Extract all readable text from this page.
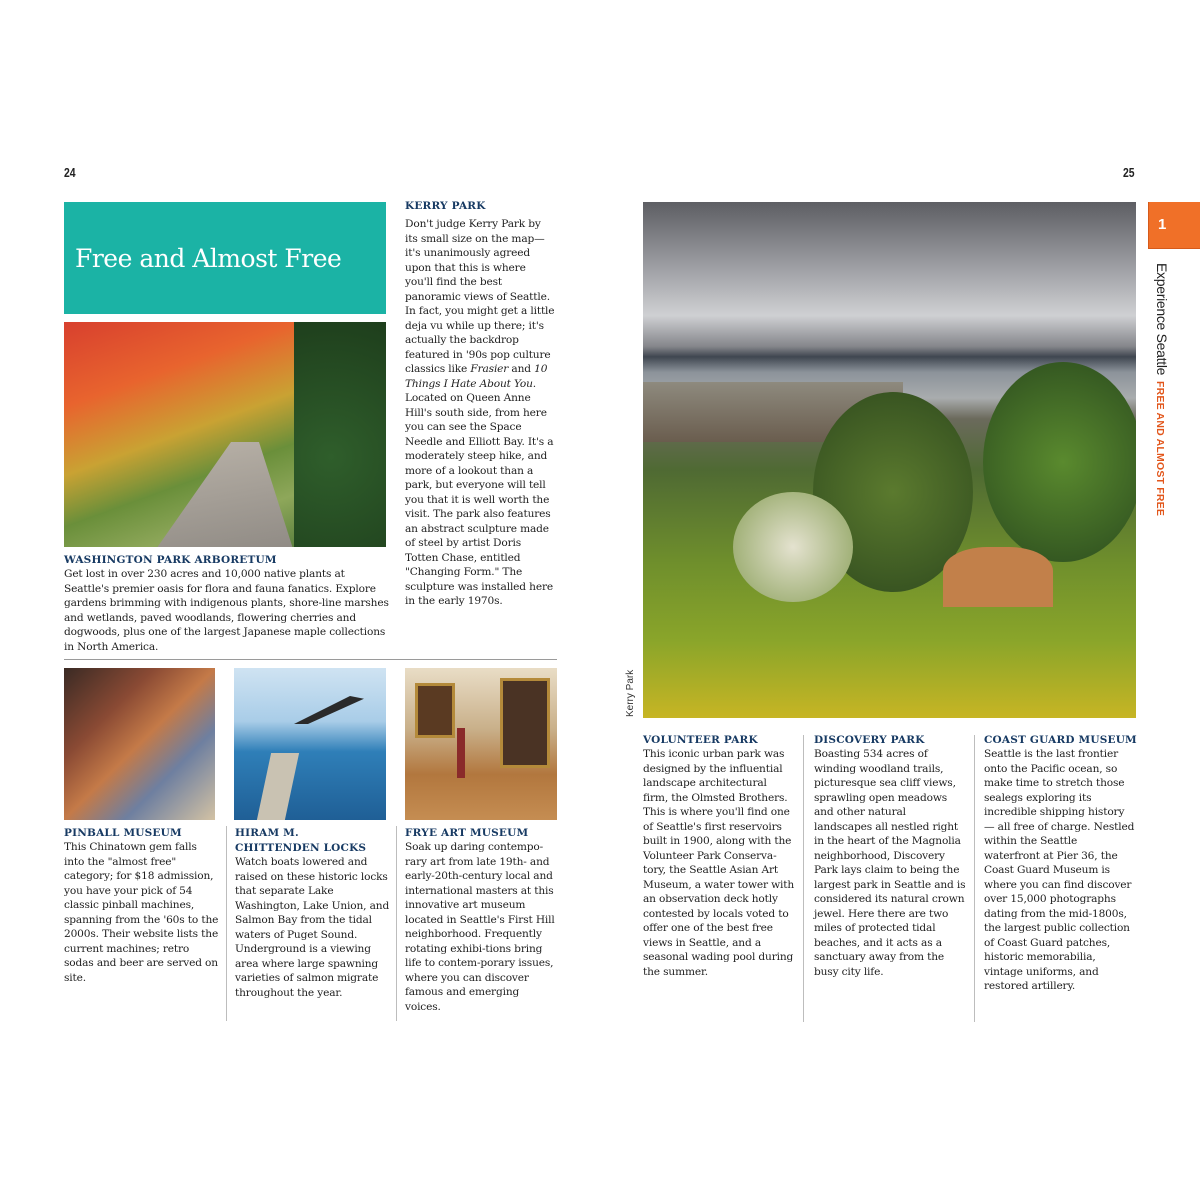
24
Free and Almost Free
WASHINGTON PARK ARBORETUM
Get lost in over 230 acres and 10,000 native plants at Seattle's premier oasis for flora and fauna fanatics. Explore gardens brimming with indigenous plants, shore-line marshes and wetlands, paved woodlands, flowering cherries and dogwoods, plus one of the largest Japanese maple collections in North America.
KERRY PARK
Don't judge Kerry Park by its small size on the map—it's unanimously agreed upon that this is where you'll find the best panoramic views of Seattle. In fact, you might get a little deja vu while up there; it's actually the backdrop featured in '90s pop culture classics like Frasier and 10 Things I Hate About You. Located on Queen Anne Hill's south side, from here you can see the Space Needle and Elliott Bay. It's a moderately steep hike, and more of a lookout than a park, but everyone will tell you that it is well worth the visit. The park also features an abstract sculpture made of steel by artist Doris Totten Chase, entitled "Changing Form." The sculpture was installed here in the early 1970s.
PINBALL MUSEUM
This Chinatown gem falls into the "almost free" category; for $18 admission, you have your pick of 54 classic pinball machines, spanning from the '60s to the 2000s. Their website lists the current machines; retro sodas and beer are served on site.
HIRAM M. CHITTENDEN LOCKS
Watch boats lowered and raised on these historic locks that separate Lake Washington, Lake Union, and Salmon Bay from the tidal waters of Puget Sound. Underground is a viewing area where large spawning varieties of salmon migrate throughout the year.
FRYE ART MUSEUM
Soak up daring contempo-rary art from late 19th- and early-20th-century local and international masters at this innovative art museum located in Seattle's First Hill neighborhood. Frequently rotating exhibi-tions bring life to contem-porary issues, where you can discover famous and emerging voices.
25
Kerry Park
VOLUNTEER PARK
This iconic urban park was designed by the influential landscape architectural firm, the Olmsted Brothers. This is where you'll find one of Seattle's first reservoirs built in 1900, along with the Volunteer Park Conserva-tory, the Seattle Asian Art Museum, a water tower with an observation deck hotly contested by locals voted to offer one of the best free views in Seattle, and a seasonal wading pool during the summer.
DISCOVERY PARK
Boasting 534 acres of winding woodland trails, picturesque sea cliff views, sprawling open meadows and other natural landscapes all nestled right in the heart of the Magnolia neighborhood, Discovery Park lays claim to being the largest park in Seattle and is considered its natural crown jewel. Here there are two miles of protected tidal beaches, and it acts as a sanctuary away from the busy city life.
COAST GUARD MUSEUM
Seattle is the last frontier onto the Pacific ocean, so make time to stretch those sealegs exploring its incredible shipping history — all free of charge. Nestled within the Seattle waterfront at Pier 36, the Coast Guard Museum is where you can find discover over 15,000 photographs dating from the mid-1800s, the largest public collection of Coast Guard patches, historic memorabilia, vintage uniforms, and restored artillery.
1
Experience Seattle
FREE AND ALMOST FREE
